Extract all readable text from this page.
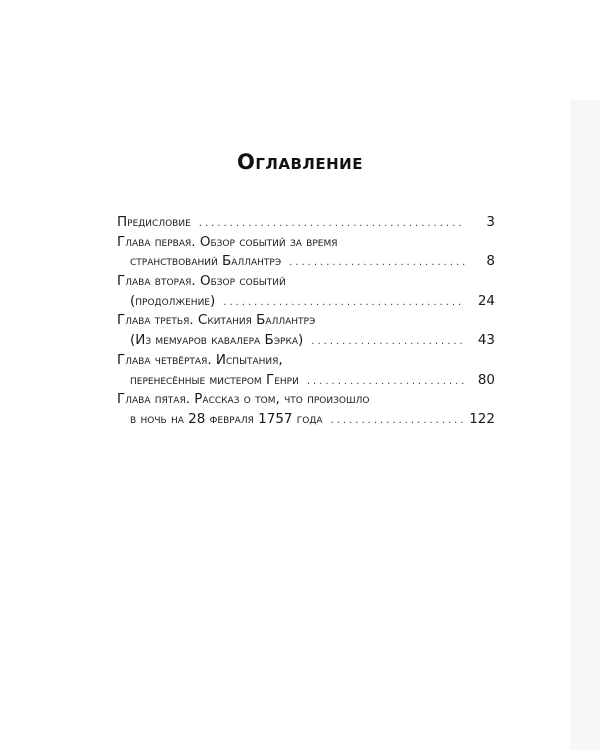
Оглавление
Предисловие .....	3
Глава первая. Обзор событий за время
странствований Баллантрэ .....	8
Глава вторая. Обзор событий
(продолжение) .....	24
Глава третья. Скитания Баллантрэ
(Из мемуаров кавалера Бэрка) .....	43
Глава четвёртая. Испытания,
перенесённые мистером Генри .....	80
Глава пятая. Рассказ о том, что произошло
в ночь на 28 февраля 1757 года .....	122
